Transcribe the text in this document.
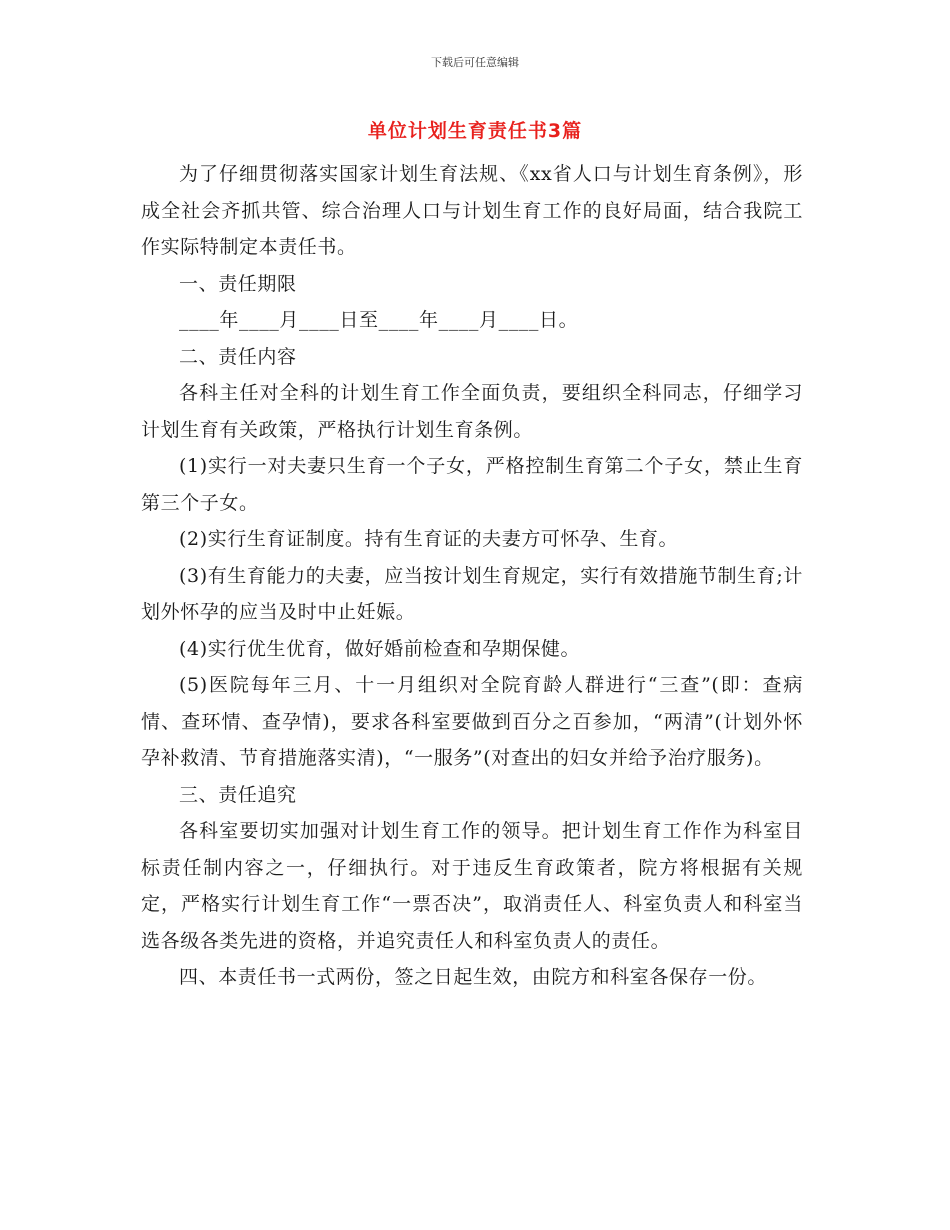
下载后可任意编辑
单位计划生育责任书3篇

为了仔细贯彻落实国家计划生育法规、《xx省人口与计划生育条例》，形成全社会齐抓共管、综合治理人口与计划生育工作的良好局面，结合我院工作实际特制定本责任书。

一、责任期限

____年____月____日至____年____月____日。

二、责任内容

各科主任对全科的计划生育工作全面负责，要组织全科同志，仔细学习计划生育有关政策，严格执行计划生育条例。

(1)实行一对夫妻只生育一个子女，严格控制生育第二个子女，禁止生育第三个子女。

(2)实行生育证制度。持有生育证的夫妻方可怀孕、生育。

(3)有生育能力的夫妻，应当按计划生育规定，实行有效措施节制生育;计划外怀孕的应当及时中止妊娠。

(4)实行优生优育，做好婚前检查和孕期保健。

(5)医院每年三月、十一月组织对全院育龄人群进行“三查”(即：查病情、查环情、查孕情)，要求各科室要做到百分之百参加，“两清”(计划外怀孕补救清、节育措施落实清)，“一服务”(对查出的妇女并给予治疗服务)。

三、责任追究

各科室要切实加强对计划生育工作的领导。把计划生育工作作为科室目标责任制内容之一，仔细执行。对于违反生育政策者，院方将根据有关规定，严格实行计划生育工作“一票否决”，取消责任人、科室负责人和科室当选各级各类先进的资格，并追究责任人和科室负责人的责任。

四、本责任书一式两份，签之日起生效，由院方和科室各保存一份。
